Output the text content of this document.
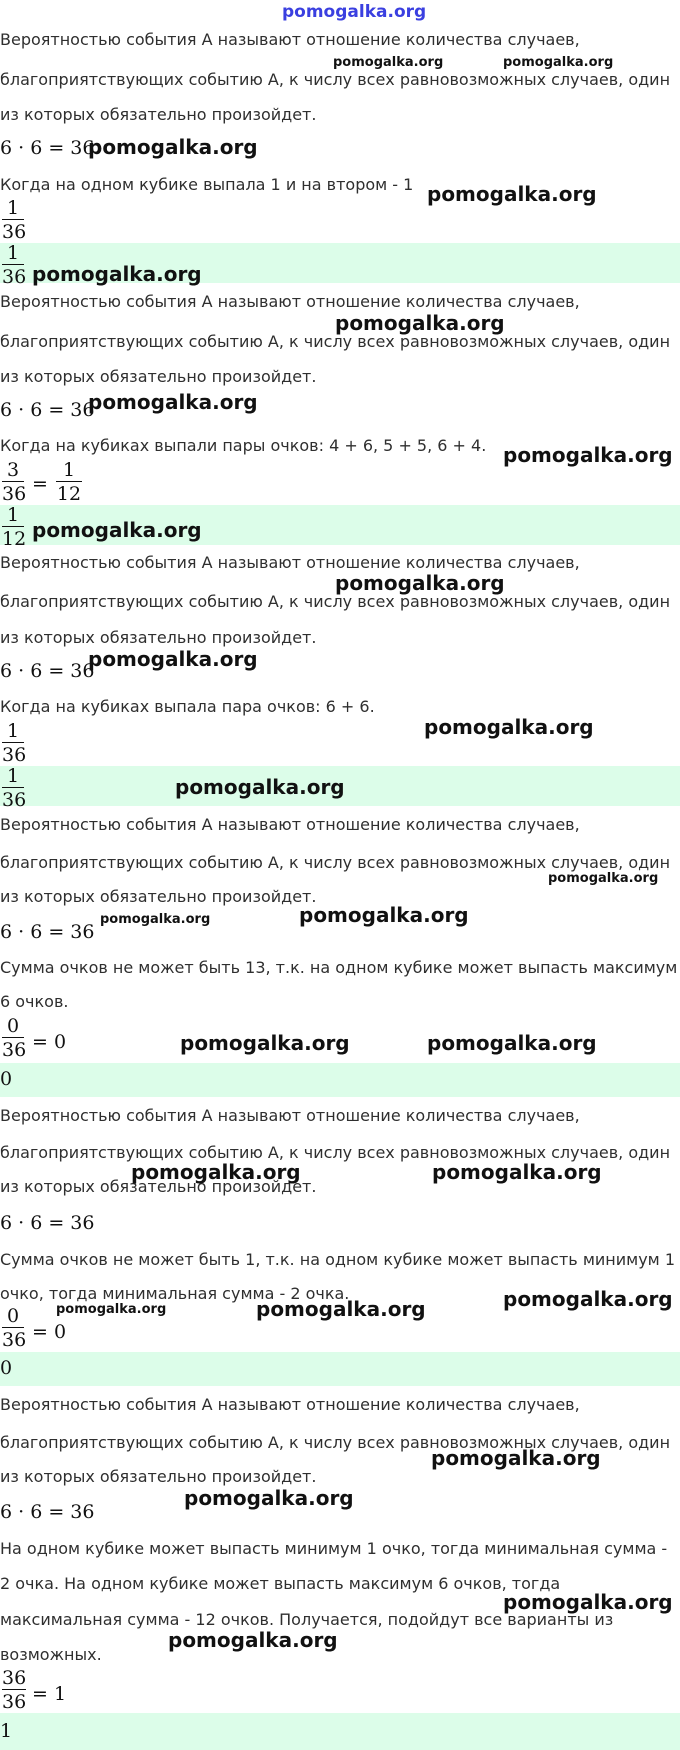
pomogalka.org
Вероятностью события А называют отношение количества случаев,
благоприятствующих событию А, к числу всех равновозможных случаев, один
из которых обязательно произойдет.
6 · 6 = 36
Когда на одном кубике выпала 1 и на втором - 1
1
36
1
36
Вероятностью события А называют отношение количества случаев,
благоприятствующих событию А, к числу всех равновозможных случаев, один
из которых обязательно произойдет.
6 · 6 = 36
Когда на кубиках выпали пары очков: 4 + 6, 5 + 5, 6 + 4.
3
36 =
1
12
1
12
Вероятностью события А называют отношение количества случаев,
благоприятствующих событию А, к числу всех равновозможных случаев, один
из которых обязательно произойдет.
6 · 6 = 36
Когда на кубиках выпала пара очков: 6 + 6.
1
36
1
36
Вероятностью события А называют отношение количества случаев,
благоприятствующих событию А, к числу всех равновозможных случаев, один
из которых обязательно произойдет.
6 · 6 = 36
Сумма очков не может быть 13, т.к. на одном кубике может выпасть максимум
6 очков.
0
36 = 0
0
Вероятностью события А называют отношение количества случаев,
благоприятствующих событию А, к числу всех равновозможных случаев, один
из которых обязательно произойдет.
6 · 6 = 36
Сумма очков не может быть 1, т.к. на одном кубике может выпасть минимум 1
очко, тогда минимальная сумма - 2 очка.
0
36 = 0
0
Вероятностью события А называют отношение количества случаев,
благоприятствующих событию А, к числу всех равновозможных случаев, один
из которых обязательно произойдет.
6 · 6 = 36
На одном кубике может выпасть минимум 1 очко, тогда минимальная сумма -
2 очка. На одном кубике может выпасть максимум 6 очков, тогда
максимальная сумма - 12 очков. Получается, подойдут все варианты из
возможных.
36
36 = 1
1
pomogalka.org	pomogalka.org
pomogalka.org
pomogalka.org
pomogalka.org
pomogalka.org
pomogalka.org
pomogalka.org
pomogalka.org
pomogalka.org
pomogalka.org
pomogalka.org
pomogalka.org
pomogalka.org
pomogalka.org	pomogalka.org
pomogalka.org	pomogalka.org
pomogalka.org	pomogalka.org
pomogalka.org
pomogalka.org	pomogalka.org
pomogalka.org
pomogalka.org
pomogalka.org
pomogalka.org
